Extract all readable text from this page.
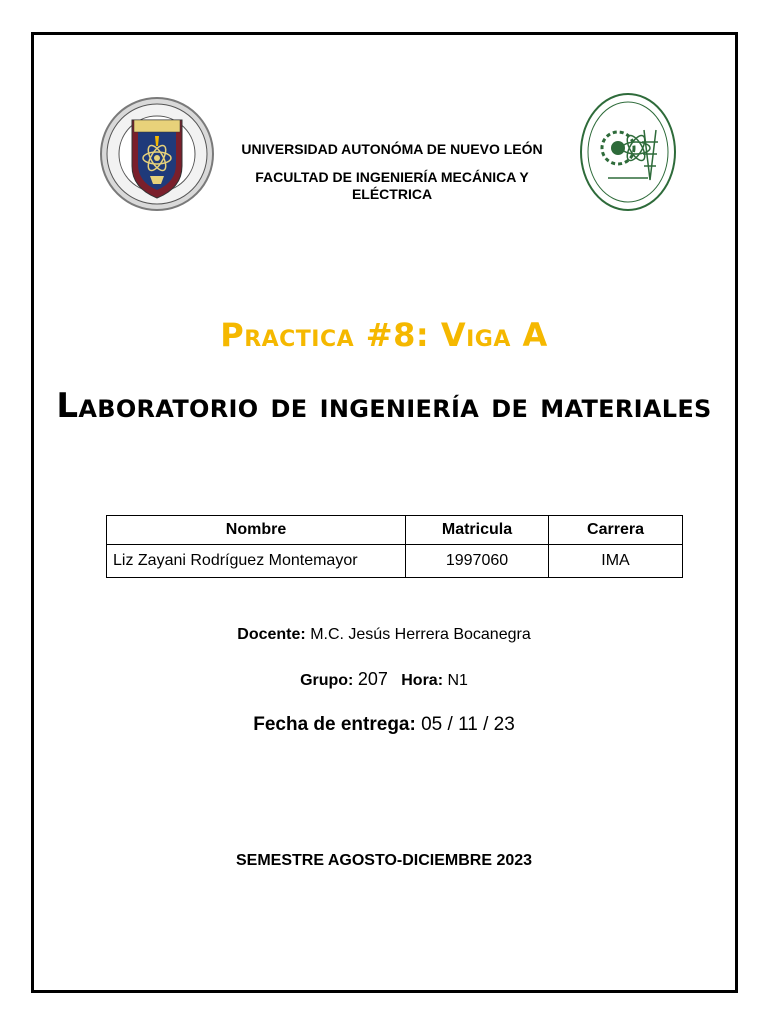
UNIVERSIDAD AUTONÓMA DE NUEVO LEÓN
FACULTAD DE INGENIERÍA MECÁNICA Y ELÉCTRICA
Practica #8: Viga A
Laboratorio de ingeniería de materiales
Nombre	Matricula	Carrera
Liz Zayani Rodríguez Montemayor	1997060	IMA
Docente: M.C. Jesús Herrera Bocanegra
Grupo: 207 Hora: N1
Fecha de entrega: 05 / 11 / 23
SEMESTRE AGOSTO-DICIEMBRE 2023
